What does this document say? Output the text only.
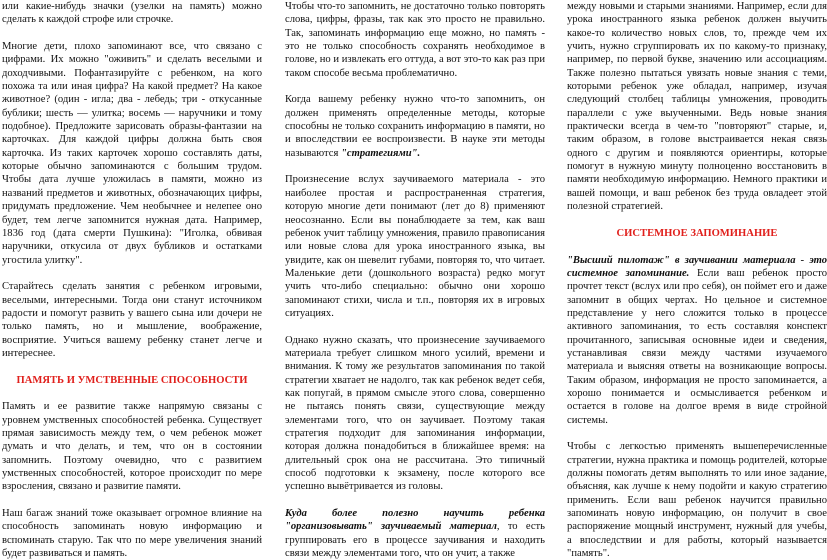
или какие-нибудь значки (узелки на память) можно сделать к каждой строфе или строчке.

Многие дети, плохо запоминают все, что связано с цифрами. Их можно "оживить" и сделать веселыми и доходчивыми. Пофантазируйте с ребенком, на кого похожа та или иная цифра? На какой предмет? На какое животное? (один - игла; два - лебедь; три - откусанные бублики; шесть — улитка; восемь — наручники и тому подобное). Предложите зарисовать образы-фантазии на карточках. Для каждой цифры должна быть своя карточка. Из таких карточек хорошо составлять даты, которые обычно запоминаются с большим трудом. Чтобы дата лучше уложилась в памяти, можно из названий предметов и животных, обозначающих цифры, придумать предложение. Чем необычнее и нелепее оно будет, тем легче запомнится нужная дата. Например, 1836 год (дата смерти Пушкина): "Иголка, обвивая наручники, откусила от двух бубликов и остатками угостила улитку".

Старайтесь сделать занятия с ребенком игровыми, веселыми, интересными. Тогда они станут источником радости и помогут развить у вашего сына или дочери не только память, но и мышление, воображение, восприятие. Учиться вашему ребенку станет легче и интереснее.

ПАМЯТЬ И УМСТВЕННЫЕ СПОСОБНОСТИ

Память и ее развитие также напрямую связаны с уровнем умственных способностей ребенка. Существует прямая зависимость между тем, о чем ребенок может думать и что делать, и тем, что он в состоянии запомнить. Поэтому очевидно, что с развитием умственных способностей, которое происходит по мере взросления, связано и развитие памяти.

Наш багаж знаний тоже оказывает огромное влияние на способность запоминать новую информацию и вспоминать старую. Так что по мере увеличения знаний будет развиваться и память.

Чтобы что-то запомнить, не достаточно только повторять слова, цифры, фразы, так как это просто не правильно. Так, запоминать информацию еще можно, но память - это не только способность сохранять необходимое в голове, но и извлекать его оттуда, а вот это-то как раз при таком способе весьма проблематично.

Когда вашему ребенку нужно что-то запомнить, он должен применять определенные методы, которые способны не только сохранить информацию в памяти, но и впоследствии ее воспроизвести. В науке эти методы называются "стратегиями".

Произнесение вслух заучиваемого материала - это наиболее простая и распространенная стратегия, которую многие дети понимают (лет до 8) применяют неосознанно. Если вы понаблюдаете за тем, как ваш ребенок учит таблицу умножения, правило правописания или новые слова для урока иностранного языка, вы увидите, как он шевелит губами, повторяя то, что читает. Маленькие дети (дошкольного возраста) редко могут учить что-либо специально: обычно они хорошо запоминают стихи, числа и т.п., повторяя их в игровых ситуациях.

Однако нужно сказать, что произнесение заучиваемого материала требует слишком много усилий, времени и внимания. К тому же результатов запоминания по такой стратегии хватает не надолго, так как ребенок ведет себя, как попугай, в прямом смысле этого слова, совершенно не пытаясь понять связи, существующие между элементами того, что он заучивает. Поэтому такая стратегия подходит для запоминания информации, которая должна понадобиться в ближайшее время: на длительный срок она не рассчитана. Это типичный способ подготовки к экзамену, после которого все успешно вывётривается из головы.

Куда более полезно научить ребенка "организовывать" заучиваемый материал, то есть группировать его в процессе заучивания и находить связи между элементами того, что он учит, а также

между новыми и старыми знаниями. Например, если для урока иностранного языка ребенок должен выучить какое-то количество новых слов, то, прежде чем их учить, нужно сгруппировать их по какому-то признаку, например, по первой букве, значению или ассоциациям. Также полезно пытаться увязать новые знания с теми, которыми ребенок уже обладал, например, изучая следующий столбец таблицы умножения, проводить параллели с уже выученными. Ведь новые знания практически всегда в чем-то "повторяют" старые, и, таким образом, в голове выстраивается некая связь одного с другим и появляются ориентиры, которые помогут в нужную минуту полноценно восстановить в памяти необходимую информацию. Немного практики и вашей помощи, и ваш ребенок без труда овладеет этой полезной стратегией.

СИСТЕМНОЕ ЗАПОМИНАНИЕ

"Высший пилотаж" в заучивании материала - это системное запоминание. Если ваш ребенок просто прочтет текст (вслух или про себя), он поймет его и даже запомнит в общих чертах. Но цельное и системное представление у него сложится только в процессе активного запоминания, то есть составляя конспект прочитанного, записывая основные идеи и сведения, устанавливая связи между частями изучаемого материала и выясняя ответы на возникающие вопросы. Таким образом, информация не просто запоминается, а хорошо понимается и осмысливается ребенком и остается в голове на долгое время в виде стройной системы.

Чтобы с легкостью применять вышеперечисленные стратегии, нужна практика и помощь родителей, которые должны помогать детям выполнять то или иное задание, объясняя, как лучше к нему подойти и какую стратегию применить. Если ваш ребенок научится правильно запоминать новую информацию, он получит в свое распоряжение мощный инструмент, нужный для учебы, а впоследствии и для работы, который называется "память".
